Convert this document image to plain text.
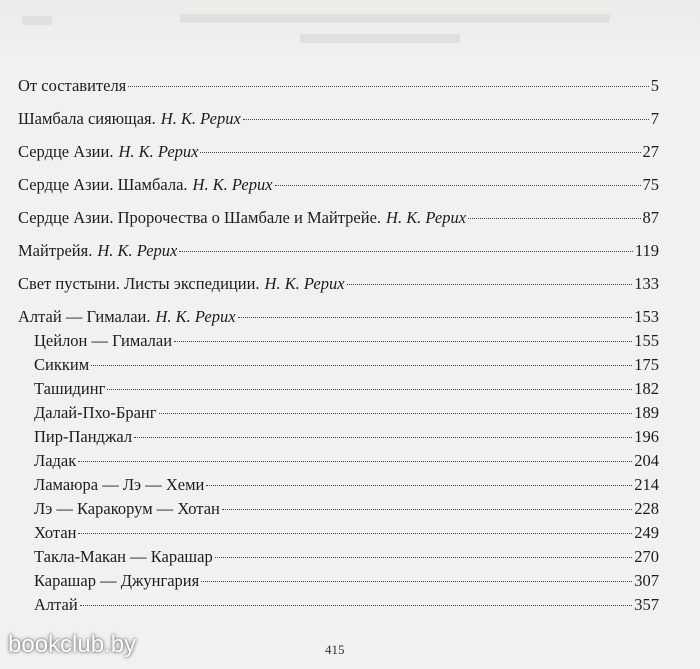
От составителя	5
Шамбала сияющая. Н. К. Рерих	7
Сердце Азии. Н. К. Рерих	27
Сердце Азии. Шамбала. Н. К. Рерих	75
Сердце Азии. Пророчества о Шамбале и Майтрейе. Н. К. Рерих	87
Майтрейя. Н. К. Рерих	119
Свет пустыни. Листы экспедиции. Н. К. Рерих	133
Алтай — Гималаи. Н. К. Рерих	153
Цейлон — Гималаи	155
Сикким	175
Ташидинг	182
Далай-Пхо-Бранг	189
Пир-Панджал	196
Ладак	204
Ламаюра — Лэ — Хеми	214
Лэ — Каракорум — Хотан	228
Хотан	249
Такла-Макан — Карашар	270
Карашар — Джунгария	307
Алтай	357
415
bookclub.by
